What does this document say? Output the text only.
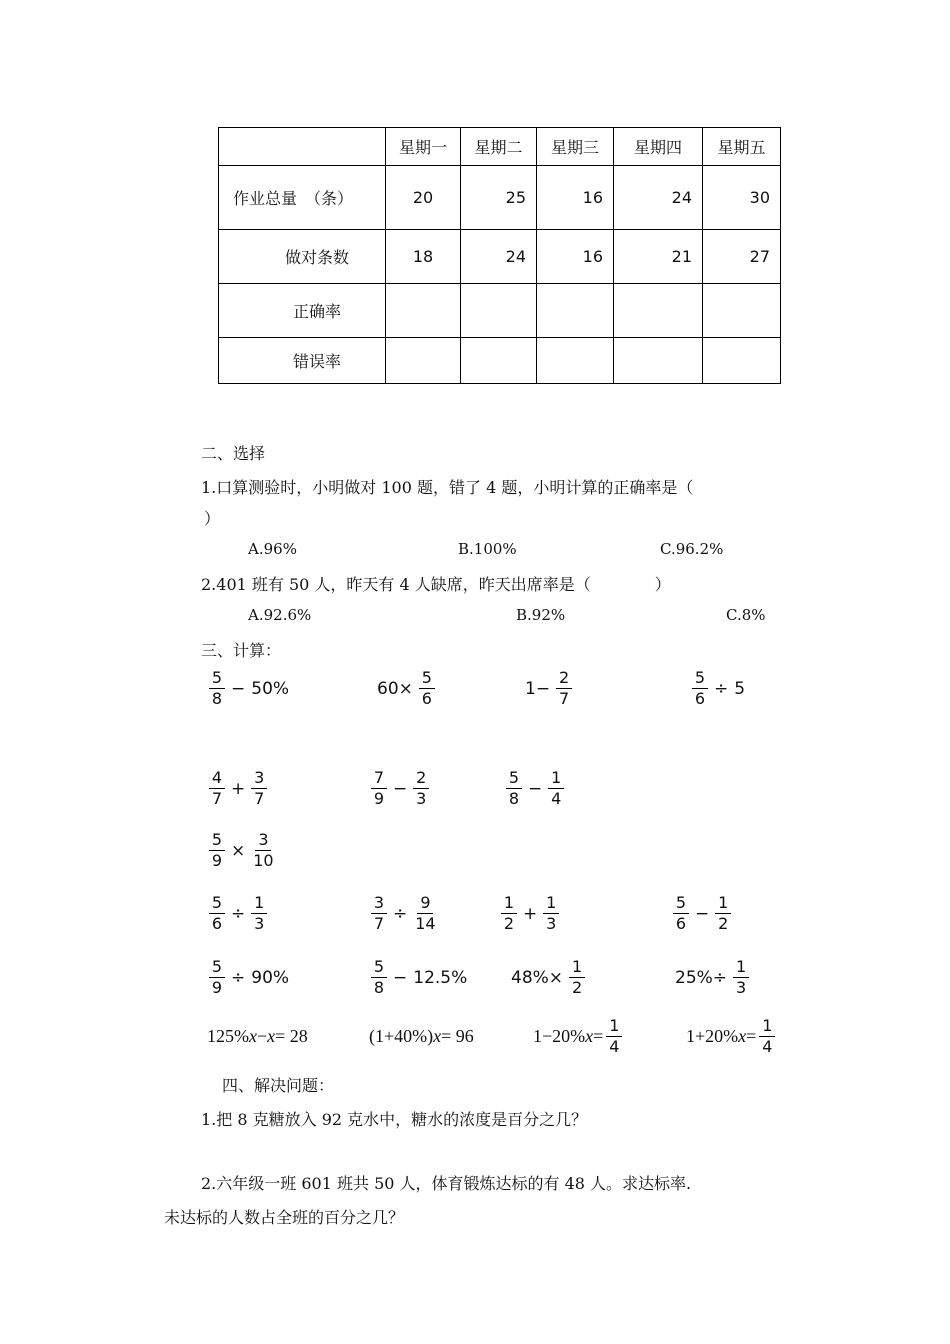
	星期一	星期二	星期三	星期四	星期五
作业总量　（条）	20	25	16	24	30
做对条数	18	24	16	21	27
正确率					
错误率					
二、选择
1.口算测验时，小明做对 100 题，错了 4 题，小明计算的正确率是（
）
A.96%	B.100%	C.96.2%
2.401 班有 50 人，昨天有 4 人缺席，昨天出席率是（　　　　）
A.92.6%	B.92%	C.8%
三、计算：
$\frac{5}{8} - 50\%$	$60\times \frac{5}{6}$	$1- \frac{2}{7}$	$\frac{5}{6} \div 5$
$\frac{4}{7} + \frac{3}{7}$	$\frac{7}{9} - \frac{2}{3}$	$\frac{5}{8} - \frac{1}{4}$
$\frac{5}{9} \times \frac{3}{10}$
$\frac{5}{6} \div \frac{1}{3}$	$\frac{3}{7} \div \frac{9}{14}$	$\frac{1}{2} + \frac{1}{3}$	$\frac{5}{6} - \frac{1}{2}$
$\frac{5}{9} \div 90\%$	$\frac{5}{8} - 12.5\%$	$48\%\times \frac{1}{2}$	$25\%\div \frac{1}{3}$
125% x − x = 28	(1+40%) x = 96	1−20% $x = \frac{1}{4}$	1+20% $x = \frac{1}{4}$
四、解决问题：
1.把 8 克糖放入 92 克水中，糖水的浓度是百分之几？
2.六年级一班 601 班共 50 人，体育锻炼达标的有 48 人。求达标率.
未达标的人数占全班的百分之几？
